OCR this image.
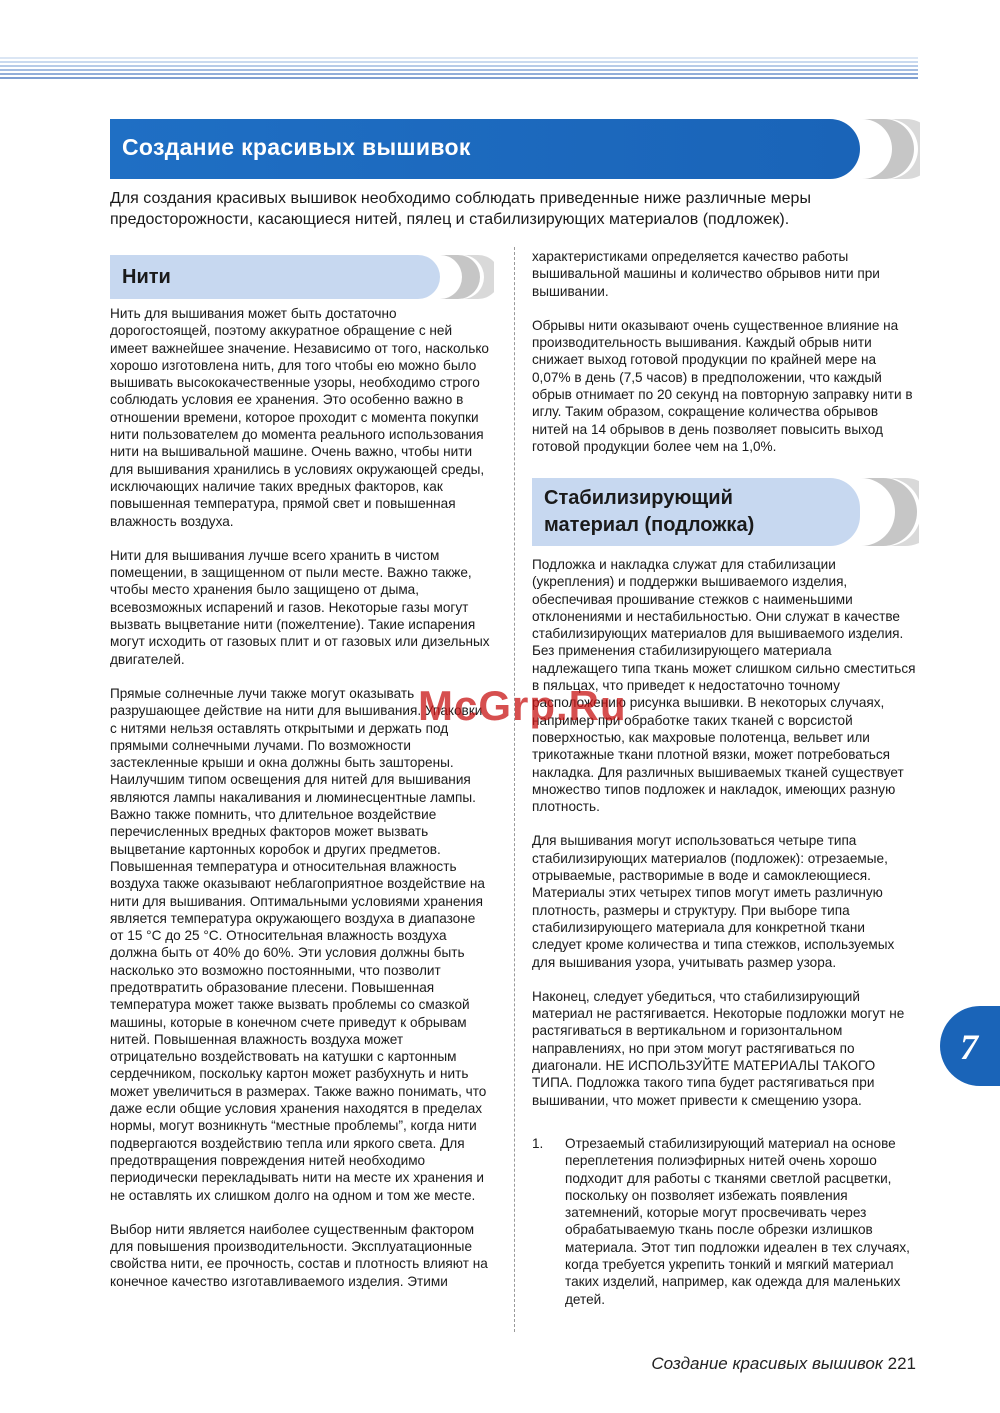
Создание красивых вышивок

Для создания красивых вышивок необходимо соблюдать приведенные ниже различные меры предосторожности, касающиеся нитей, пялец и стабилизирующих материалов (подложек).

Нити

Нить для вышивания может быть достаточно дорогостоящей, поэтому аккуратное обращение с ней имеет важнейшее значение. Независимо от того, насколько хорошо изготовлена нить, для того чтобы ею можно было вышивать высококачественные узоры, необходимо строго соблюдать условия ее хранения. Это особенно важно в отношении времени, которое проходит с момента покупки нити пользователем до момента реального использования нити на вышивальной машине. Очень важно, чтобы нити для вышивания хранились в условиях окружающей среды, исключающих наличие таких вредных факторов, как повышенная температура, прямой свет и повышенная влажность воздуха.

Нити для вышивания лучше всего хранить в чистом помещении, в защищенном от пыли месте. Важно также, чтобы место хранения было защищено от дыма, всевозможных испарений и газов. Некоторые газы могут вызвать выцветание нити (пожелтение). Такие испарения могут исходить от газовых плит и от газовых или дизельных двигателей.

Прямые солнечные лучи также могут оказывать разрушающее действие на нити для вышивания. Упаковки с нитями нельзя оставлять открытыми и держать под прямыми солнечными лучами. По возможности застекленные крыши и окна должны быть зашторены. Наилучшим типом освещения для нитей для вышивания являются лампы накаливания и люминесцентные лампы. Важно также помнить, что длительное воздействие перечисленных вредных факторов может вызвать выцветание картонных коробок и других предметов. Повышенная температура и относительная влажность воздуха также оказывают неблагоприятное воздействие на нити для вышивания. Оптимальными условиями хранения является температура окружающего воздуха в диапазоне от 15 °C до 25 °C. Относительная влажность воздуха должна быть от 40% до 60%. Эти условия должны быть насколько это возможно постоянными, что позволит предотвратить образование плесени. Повышенная температура может также вызвать проблемы со смазкой машины, которые в конечном счете приведут к обрывам нитей. Повышенная влажность воздуха может отрицательно воздействовать на катушки с картонным сердечником, поскольку картон может разбухнуть и нить может увеличиться в размерах. Также важно понимать, что даже если общие условия хранения находятся в пределах нормы, могут возникнуть “местные проблемы”, когда нити подвергаются воздействию тепла или яркого света. Для предотвращения повреждения нитей необходимо периодически перекладывать нити на месте их хранения и не оставлять их слишком долго на одном и том же месте.

Выбор нити является наиболее существенным фактором для повышения производительности. Эксплуатационные свойства нити, ее прочность, состав и плотность влияют на конечное качество изготавливаемого изделия. Этими

характеристиками определяется качество работы вышивальной машины и количество обрывов нити при вышивании.

Обрывы нити оказывают очень существенное влияние на производительность вышивания. Каждый обрыв нити снижает выход готовой продукции по крайней мере на 0,07% в день (7,5 часов) в предположении, что каждый обрыв отнимает по 20 секунд на повторную заправку нити в иглу. Таким образом, сокращение количества обрывов нитей на 14 обрывов в день позволяет повысить выход готовой продукции более чем на 1,0%.

Стабилизирующий
материал (подложка)

Подложка и накладка служат для стабилизации (укрепления) и поддержки вышиваемого изделия, обеспечивая прошивание стежков с наименьшими отклонениями и нестабильностью. Они служат в качестве стабилизирующих материалов для вышиваемого изделия. Без применения стабилизирующего материала надлежащего типа ткань может слишком сильно сместиться в пяльцах, что приведет к недостаточно точному расположению рисунка вышивки. В некоторых случаях, например при обработке таких тканей с ворсистой поверхностью, как махровые полотенца, вельвет или трикотажные ткани плотной вязки, может потребоваться накладка. Для различных вышиваемых тканей существует множество типов подложек и накладок, имеющих разную плотность.

Для вышивания могут использоваться четыре типа стабилизирующих материалов (подложек): отрезаемые, отрываемые, растворимые в воде и самоклеющиеся. Материалы этих четырех типов могут иметь различную плотность, размеры и структуру. При выборе типа стабилизирующего материала для конкретной ткани следует кроме количества и типа стежков, используемых для вышивания узора, учитывать размер узора.

Наконец, следует убедиться, что стабилизирующий материал не растягивается. Некоторые подложки могут не растягиваться в вертикальном и горизонтальном направлениях, но при этом могут растягиваться по диагонали. НЕ ИСПОЛЬЗУЙТЕ МАТЕРИАЛЫ ТАКОГО ТИПА. Подложка такого типа будет растягиваться при вышивании, что может привести к смещению узора.

1. Отрезаемый стабилизирующий материал на основе переплетения полиэфирных нитей очень хорошо подходит для работы с тканями светлой расцветки, поскольку он позволяет избежать появления затемнений, которые могут просвечивать через обрабатываемую ткань после обрезки излишков материала. Этот тип подложки идеален в тех случаях, когда требуется укрепить тонкий и мягкий материал таких изделий, например, как одежда для маленьких детей.
7
McGrp.Ru
Создание красивых вышивок 221
